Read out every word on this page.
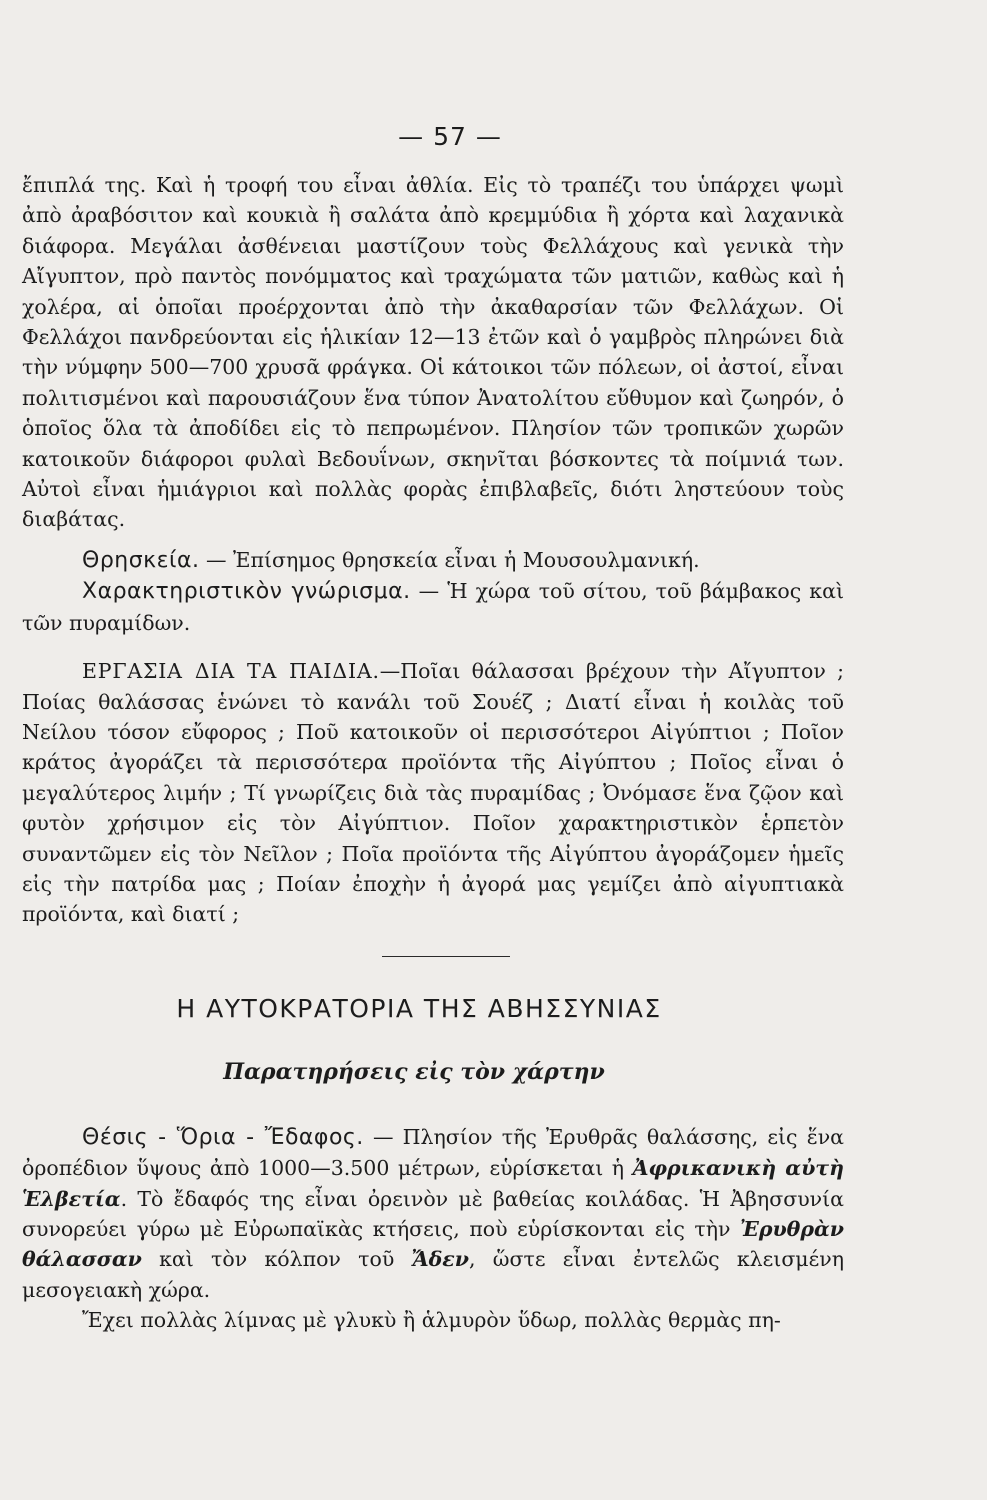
— 57 —

ἔπιπλά της. Καὶ ἡ τροφή του εἶναι ἀθλία. Εἰς τὸ τραπέζι του ὑπάρχει ψωμὶ ἀπὸ ἀραβόσιτον καὶ κουκιὰ ἢ σαλάτα ἀπὸ κρεμμύδια ἢ χόρτα καὶ λαχανικὰ διάφορα. Μεγάλαι ἀσθένειαι μαστίζουν τοὺς Φελλάχους καὶ γενικὰ τὴν Αἴγυπτον, πρὸ παντὸς πονόμματος καὶ τραχώματα τῶν ματιῶν, καθὼς καὶ ἡ χολέρα, αἱ ὁποῖαι προέρχονται ἀπὸ τὴν ἀκαθαρσίαν τῶν Φελλάχων. Οἱ Φελλάχοι πανδρεύονται εἰς ἡλικίαν 12—13 ἐτῶν καὶ ὁ γαμβρὸς πληρώνει διὰ τὴν νύμφην 500—700 χρυσᾶ φράγκα. Οἱ κάτοικοι τῶν πόλεων, οἱ ἀστοί, εἶναι πολιτισμένοι καὶ παρουσιάζουν ἕνα τύπον Ἀνατολίτου εὔθυμον καὶ ζωηρόν, ὁ ὁποῖος ὅλα τὰ ἀποδίδει εἰς τὸ πεπρωμένον. Πλησίον τῶν τροπικῶν χωρῶν κατοικοῦν διάφοροι φυλαὶ Βεδουΐνων, σκηνῖται βόσκοντες τὰ ποίμνιά των. Αὐτοὶ εἶναι ἡμιάγριοι καὶ πολλὰς φορὰς ἐπιβλαβεῖς, διότι ληστεύουν τοὺς διαβάτας.

Θρησκεία. — Ἐπίσημος θρησκεία εἶναι ἡ Μουσουλμανική.

Χαρακτηριστικὸν γνώρισμα. — Ἡ χώρα τοῦ σίτου, τοῦ βάμβακος καὶ τῶν πυραμίδων.

ΕΡΓΑΣΙΑ ΔΙΑ ΤΑ ΠΑΙΔΙΑ.—Ποῖαι θάλασσαι βρέχουν τὴν Αἴγυπτον ; Ποίας θαλάσσας ἑνώνει τὸ κανάλι τοῦ Σουέζ ; Διατί εἶναι ἡ κοιλὰς τοῦ Νείλου τόσον εὔφορος ; Ποῦ κατοικοῦν οἱ περισσότεροι Αἰγύπτιοι ; Ποῖον κράτος ἀγοράζει τὰ περισσότερα προϊόντα τῆς Αἰγύπτου ; Ποῖος εἶναι ὁ μεγαλύτερος λιμήν ; Τί γνωρίζεις διὰ τὰς πυραμίδας ; Ὀνόμασε ἕνα ζῷον καὶ φυτὸν χρήσιμον εἰς τὸν Αἰγύπτιον. Ποῖον χαρακτηριστικὸν ἑρπετὸν συναντῶμεν εἰς τὸν Νεῖλον ; Ποῖα προϊόντα τῆς Αἰγύπτου ἀγοράζομεν ἡμεῖς εἰς τὴν πατρίδα μας ; Ποίαν ἐποχὴν ἡ ἀγορά μας γεμίζει ἀπὸ αἰγυπτιακὰ προϊόντα, καὶ διατί ;

Η ΑΥΤΟΚΡΑΤΟΡΙΑ ΤΗΣ ΑΒΗΣΣΥΝΙΑΣ
Παρατηρήσεις εἰς τὸν χάρτην

Θέσις - Ὅρια - Ἔδαφος. — Πλησίον τῆς Ἐρυθρᾶς θαλάσσης, εἰς ἕνα ὀροπέδιον ὕψους ἀπὸ 1000—3.500 μέτρων, εὑρίσκεται ἡ Ἀφρικανικὴ αὐτὴ Ἑλβετία. Τὸ ἔδαφός της εἶναι ὀρεινὸν μὲ βαθείας κοιλάδας. Ἡ Ἀβησσυνία συνορεύει γύρω μὲ Εὐρωπαϊκὰς κτήσεις, ποὺ εὑρίσκονται εἰς τὴν Ἐρυθρὰν θάλασσαν καὶ τὸν κόλπον τοῦ Ἄδεν, ὥστε εἶναι ἐντελῶς κλεισμένη μεσογειακὴ χώρα.

Ἔχει πολλὰς λίμνας μὲ γλυκὺ ἢ ἁλμυρὸν ὕδωρ, πολλὰς θερμὰς πη-
